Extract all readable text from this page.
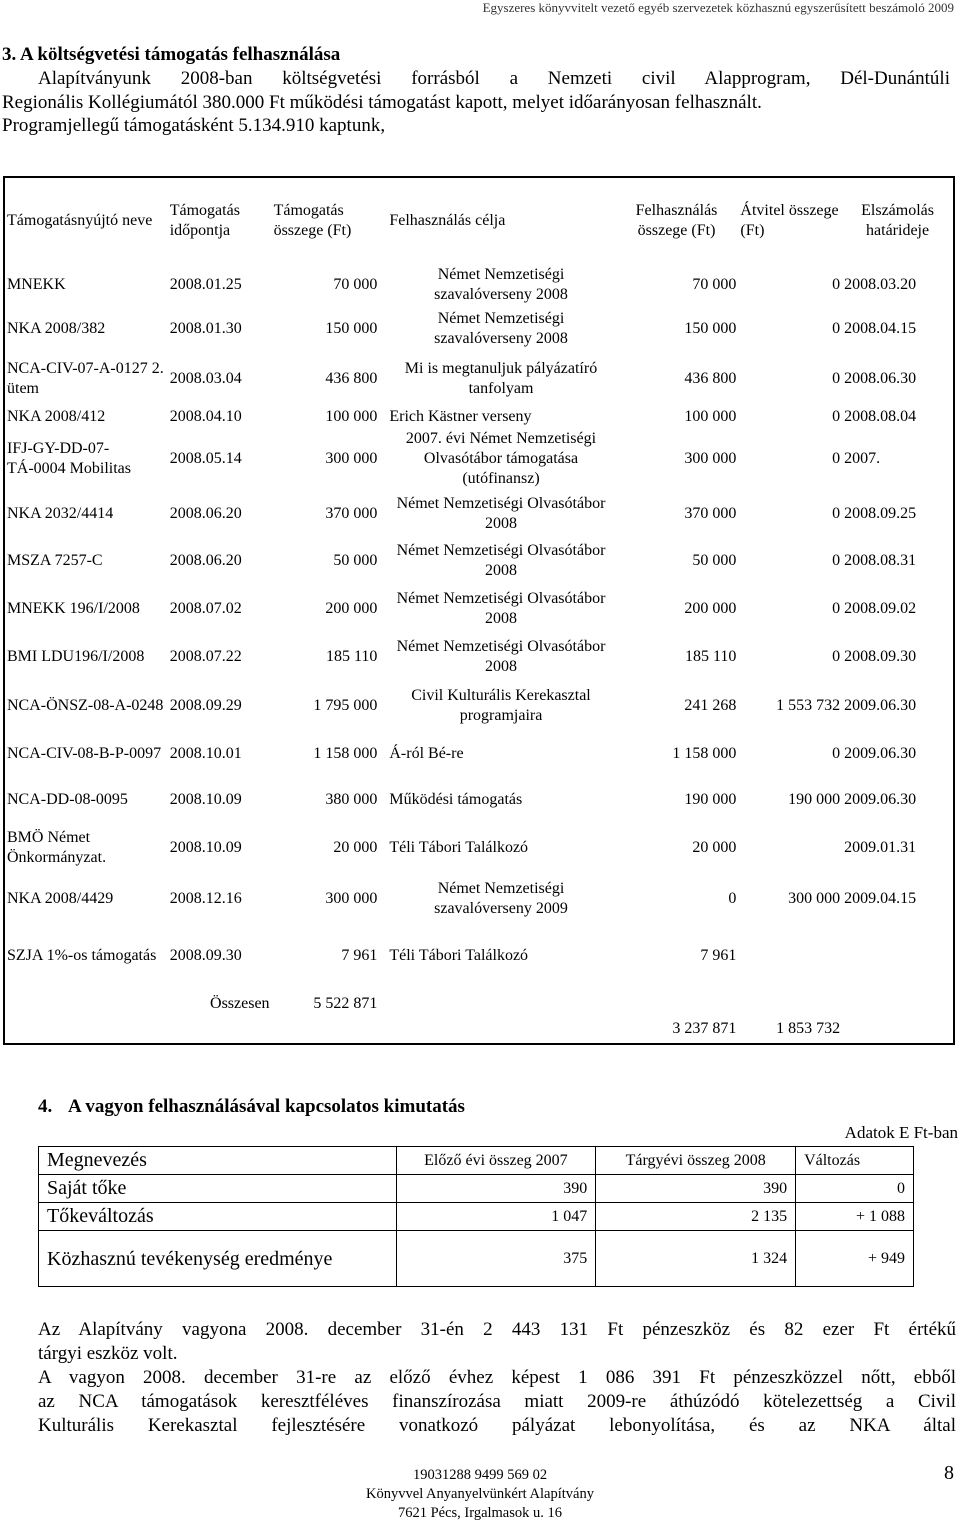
Egyszeres könyvvitelt vezető egyéb szervezetek közhasznú egyszerűsített beszámoló 2009
3. A költségvetési támogatás felhasználása
Alapítványunk 2008-ban költségvetési forrásból a Nemzeti civil Alapprogram, Dél-Dunántúli
Regionális Kollégiumától 380.000 Ft működési támogatást kapott, melyet időarányosan felhasznált.
Programjellegű támogatásként 5.134.910 kaptunk,
Támogatásnyújtó neve	Támogatás időpontja	Támogatás összege (Ft)	Felhasználás célja	Felhasználás összege (Ft)	Átvitel összege (Ft)	Elszámolás határideje
MNEKK	2008.01.25	70 000	Német Nemzetiségi szavalóverseny 2008	70 000	0	2008.03.20
NKA 2008/382	2008.01.30	150 000	Német Nemzetiségi szavalóverseny 2008	150 000	0	2008.04.15
NCA-CIV-07-A-0127 2. ütem	2008.03.04	436 800	Mi is megtanuljuk pályázatíró tanfolyam	436 800	0	2008.06.30
NKA 2008/412	2008.04.10	100 000	Erich Kästner verseny	100 000	0	2008.08.04
IFJ-GY-DD-07-TÁ-0004 Mobilitas	2008.05.14	300 000	2007. évi Német Nemzetiségi Olvasótábor támogatása (utófinansz)	300 000	0	2007.
NKA 2032/4414	2008.06.20	370 000	Német Nemzetiségi Olvasótábor 2008	370 000	0	2008.09.25
MSZA 7257-C	2008.06.20	50 000	Német Nemzetiségi Olvasótábor 2008	50 000	0	2008.08.31
MNEKK 196/I/2008	2008.07.02	200 000	Német Nemzetiségi Olvasótábor 2008	200 000	0	2008.09.02
BMI LDU196/I/2008	2008.07.22	185 110	Német Nemzetiségi Olvasótábor 2008	185 110	0	2008.09.30
NCA-ÖNSZ-08-A-0248	2008.09.29	1 795 000	Civil Kulturális Kerekasztal programjaira	241 268	1 553 732	2009.06.30
NCA-CIV-08-B-P-0097	2008.10.01	1 158 000	Á-ról Bé-re	1 158 000	0	2009.06.30
NCA-DD-08-0095	2008.10.09	380 000	Működési támogatás	190 000	190 000	2009.06.30
BMÖ Német Önkormányzat.	2008.10.09	20 000	Téli Tábori Találkozó	20 000		2009.01.31
NKA 2008/4429	2008.12.16	300 000	Német Nemzetiségi szavalóverseny 2009	0	300 000	2009.04.15
SZJA 1%-os támogatás	2008.09.30	7 961	Téli Tábori Találkozó	7 961		
	Összesen	5 522 871		3 237 871	1 853 732	
4. A vagyon felhasználásával kapcsolatos kimutatás
Adatok E Ft-ban
Megnevezés	Előző évi összeg 2007	Tárgyévi összeg 2008	Változás
Saját tőke	390	390	0
Tőkeváltozás	1 047	2 135	+ 1 088
Közhasznú tevékenység eredménye	375	1 324	+ 949

Az Alapítvány vagyona 2008. december 31-én 2 443 131 Ft pénzeszköz és 82 ezer Ft értékű

tárgyi eszköz volt.

A vagyon 2008. december 31-re az előző évhez képest 1 086 391 Ft pénzeszközzel nőtt, ebből

az NCA támogatások keresztféléves finanszírozása miatt 2009-re áthúzódó kötelezettség a Civil

Kulturális Kerekasztal fejlesztésére vonatkozó pályázat lebonyolítása, és az NKA által

19031288 9499 569 02
Könyvvel Anyanyelvünkért Alapítvány
7621 Pécs, Irgalmasok u. 16
8
